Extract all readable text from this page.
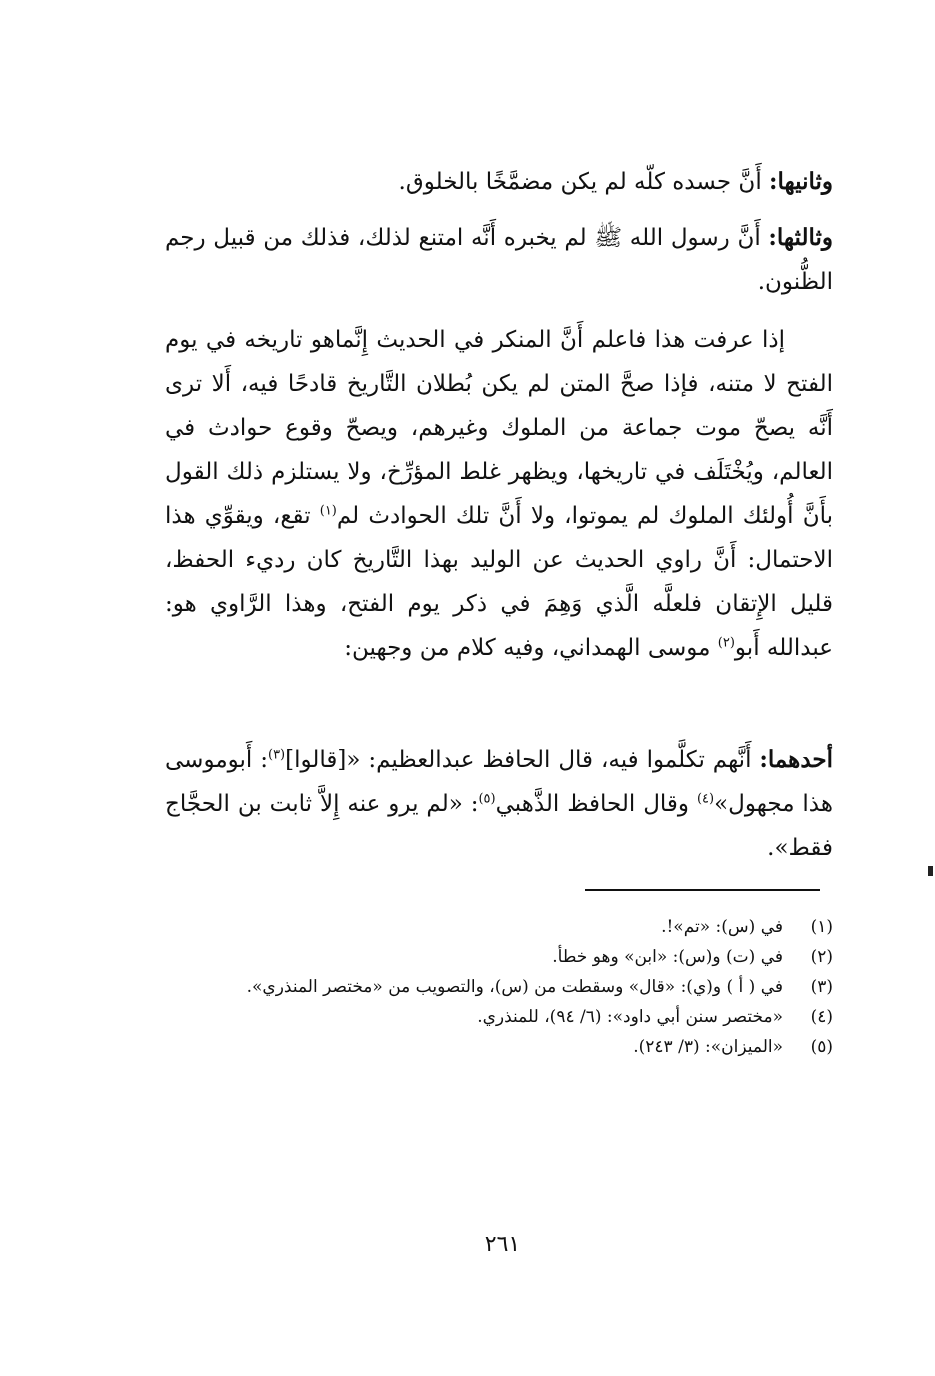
وثانيها: أَنَّ جسده كلّه لم يكن مضمَّخًا بالخلوق.

وثالثها: أَنَّ رسول الله ﷺ لم يخبره أَنَّه امتنع لذلك، فذلك من قبيل رجم الظُّنون.

إذا عرفت هذا فاعلم أَنَّ المنكر في الحديث إِنَّماهو تاريخه في يوم الفتح لا متنه، فإذا صحَّ المتن لم يكن بُطلان التَّاريخ قادحًا فيه، أَلا ترى أَنَّه يصحّ موت جماعة من الملوك وغيرهم، ويصحّ وقوع حوادث في العالم، ويُخْتَلَف في تاريخها، ويظهر غلط المؤرِّخ، ولا يستلزم ذلك القول بأَنَّ أُولئك الملوك لم يموتوا، ولا أَنَّ تلك الحوادث لم$^{(١)}$ تقع، ويقوِّي هذا الاحتمال: أَنَّ راوي الحديث عن الوليد بهذا التَّاريخ كان رديء الحفظ، قليل الإِتقان فلعلَّه الَّذي وَهِمَ في ذكر يوم الفتح، وهذا الرَّاوي هو: عبدالله أَبو$^{(٢)}$ موسى الهمداني، وفيه كلام من وجهين:

أحدهما: أَنَّهم تكلَّموا فيه، قال الحافظ عبدالعظيم: «[قالوا]$^{(٣)}$: أَبوموسى هذا مجهول»$^{(٤)}$ وقال الحافظ الذَّهبي$^{(٥)}$: «لم يرو عنه إِلاَّ ثابت بن الحجَّاج فقط».

(١)
في (س): «تم»!.
(٢)
في (ت) و(س): «ابن» وهو خطأ.
(٣)
في ( أ ) و(ي): «قال» وسقطت من (س)، والتصويب من «مختصر المنذري».
(٤)
«مختصر سنن أبي داود»: (٦/ ٩٤)، للمنذري.
(٥)
«الميزان»: (٣/ ٢٤٣).
٢٦١
